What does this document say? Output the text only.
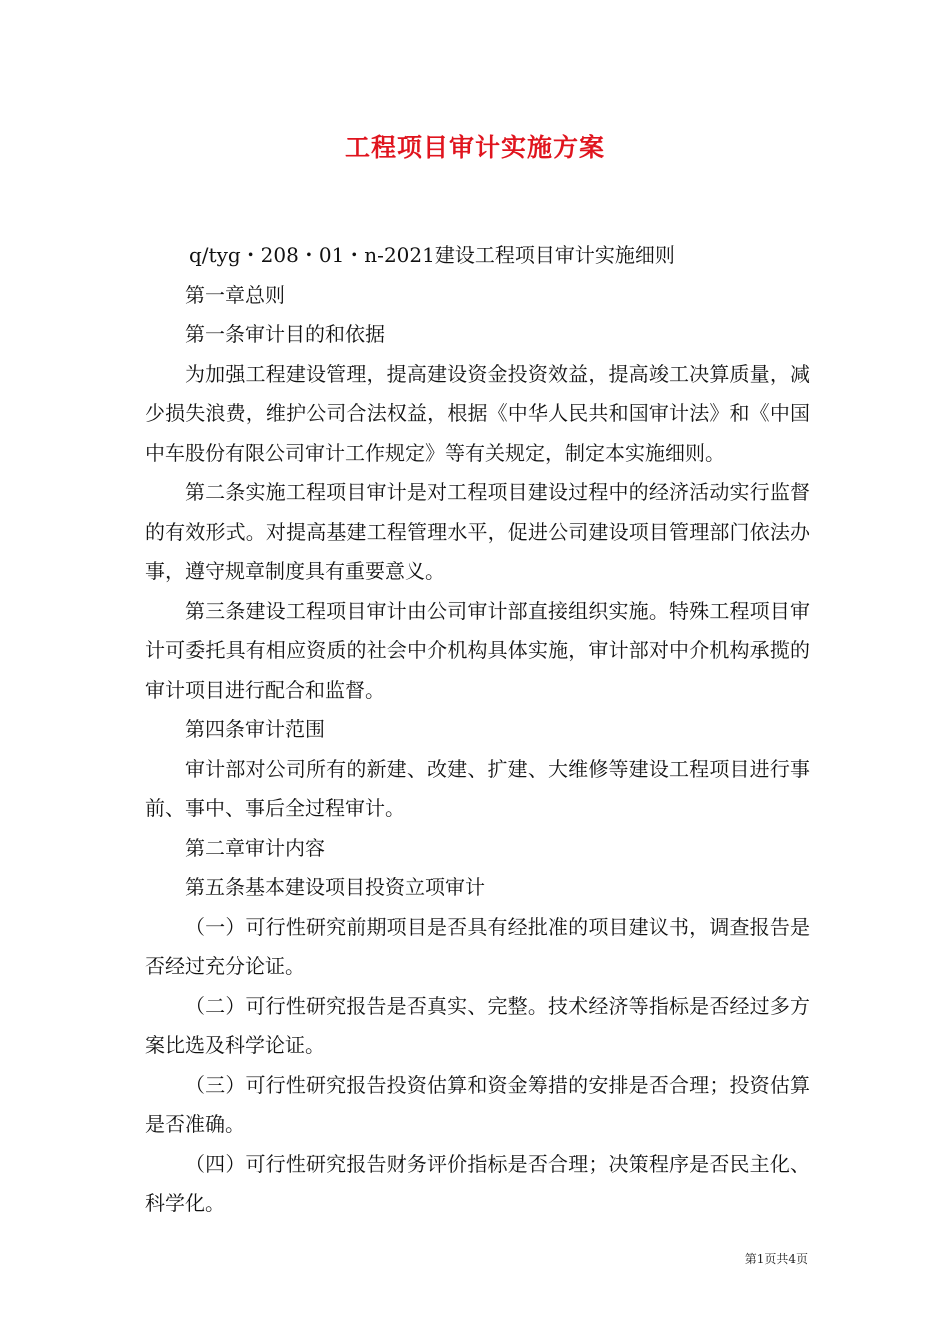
工程项目审计实施方案

q/tyg・208・01・n-2021建设工程项目审计实施细则

第一章总则

第一条审计目的和依据

为加强工程建设管理，提高建设资金投资效益，提高竣工决算质量，减少损失浪费，维护公司合法权益，根据《中华人民共和国审计法》和《中国中车股份有限公司审计工作规定》等有关规定，制定本实施细则。

第二条实施工程项目审计是对工程项目建设过程中的经济活动实行监督的有效形式。对提高基建工程管理水平，促进公司建设项目管理部门依法办事，遵守规章制度具有重要意义。

第三条建设工程项目审计由公司审计部直接组织实施。特殊工程项目审计可委托具有相应资质的社会中介机构具体实施，审计部对中介机构承揽的审计项目进行配合和监督。

第四条审计范围

审计部对公司所有的新建、改建、扩建、大维修等建设工程项目进行事前、事中、事后全过程审计。

第二章审计内容

第五条基本建设项目投资立项审计

（一）可行性研究前期项目是否具有经批准的项目建议书，调查报告是否经过充分论证。

（二）可行性研究报告是否真实、完整。技术经济等指标是否经过多方案比选及科学论证。

（三）可行性研究报告投资估算和资金筹措的安排是否合理；投资估算是否准确。

（四）可行性研究报告财务评价指标是否合理；决策程序是否民主化、科学化。

第1页共4页
